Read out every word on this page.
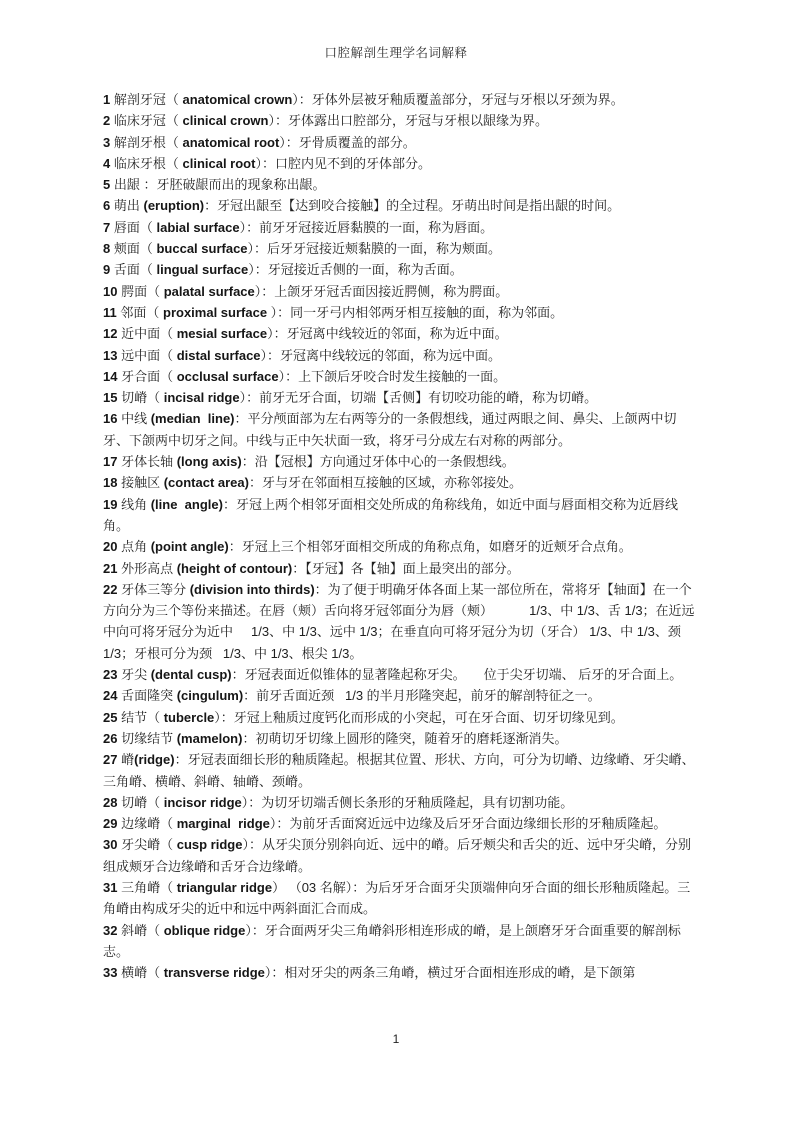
口腔解剖生理学名词解释

1 解剖牙冠（ anatomical crown）：牙体外层被牙釉质覆盖部分，牙冠与牙根以牙颈为界。

2 临床牙冠（ clinical crown）：牙体露出口腔部分，牙冠与牙根以龈缘为界。

3 解剖牙根（ anatomical root）：牙骨质覆盖的部分。

4 临床牙根（ clinical root）：口腔内见不到的牙体部分。

5 出龈 ：牙胚破龈而出的现象称出龈。

6 萌出 (eruption)：牙冠出龈至【达到咬合接触】的全过程。牙萌出时间是指出龈的时间。

7 唇面（ labial surface）：前牙牙冠接近唇黏膜的一面，称为唇面。

8 颊面（ buccal surface）：后牙牙冠接近颊黏膜的一面，称为颊面。

9 舌面（ lingual surface）：牙冠接近舌侧的一面，称为舌面。

10 腭面（ palatal surface）：上颌牙牙冠舌面因接近腭侧，称为腭面。

11 邻面（ proximal surface ）：同一牙弓内相邻两牙相互接触的面，称为邻面。

12 近中面（ mesial surface）：牙冠离中线较近的邻面，称为近中面。

13 远中面（ distal surface）：牙冠离中线较远的邻面，称为远中面。

14 牙合面（ occlusal surface）：上下颌后牙咬合时发生接触的一面。

15 切嵴（ incisal ridge）：前牙无牙合面，切端【舌侧】有切咬功能的嵴，称为切嵴。

16 中线 (median  line)：平分颅面部为左右两等分的一条假想线，通过两眼之间、鼻尖、上颌两中切牙、下颌两中切牙之间。中线与正中矢状面一致，将牙弓分成左右对称的两部分。

17 牙体长轴 (long axis)：沿【冠根】方向通过牙体中心的一条假想线。

18 接触区 (contact area)：牙与牙在邻面相互接触的区域，亦称邻接处。

19 线角 (line  angle)：牙冠上两个相邻牙面相交处所成的角称线角，如近中面与唇面相交称为近唇线角。

20 点角 (point angle)：牙冠上三个相邻牙面相交所成的角称点角，如磨牙的近颊牙合点角。

21 外形高点 (height of contour)：【牙冠】各【轴】面上最突出的部分。

22 牙体三等分 (division into thirds)：为了便于明确牙体各面上某一部位所在，常将牙【轴面】在一个方向分为三个等份来描述。在唇（颊）舌向将牙冠邻面分为唇（颊）          1/3、中 1/3、舌 1/3；在近远中向可将牙冠分为近中     1/3、中 1/3、远中 1/3；在垂直向可将牙冠分为切（牙合） 1/3、中 1/3、颈 1/3；牙根可分为颈   1/3、中 1/3、根尖 1/3。

23 牙尖 (dental cusp)：牙冠表面近似锥体的显著隆起称牙尖。     位于尖牙切端、 后牙的牙合面上。

24 舌面隆突 (cingulum)：前牙舌面近颈   1/3 的半月形隆突起，前牙的解剖特征之一。

25 结节（ tubercle）：牙冠上釉质过度钙化而形成的小突起，可在牙合面、切牙切缘见到。

26 切缘结节 (mamelon)：初萌切牙切缘上圆形的隆突，随着牙的磨耗逐渐消失。

27 嵴(ridge)：牙冠表面细长形的釉质隆起。根据其位置、形状、方向，可分为切嵴、边缘嵴、牙尖嵴、三角嵴、横嵴、斜嵴、轴嵴、颈嵴。

28 切嵴（ incisor ridge）：为切牙切端舌侧长条形的牙釉质隆起，具有切割功能。

29 边缘嵴（ marginal  ridge）：为前牙舌面窝近远中边缘及后牙牙合面边缘细长形的牙釉质隆起。

30 牙尖嵴（ cusp ridge）：从牙尖顶分别斜向近、远中的嵴。后牙颊尖和舌尖的近、远中牙尖嵴，分别组成颊牙合边缘嵴和舌牙合边缘嵴。

31 三角嵴（ triangular ridge） （03 名解）：为后牙牙合面牙尖顶端伸向牙合面的细长形釉质隆起。三角嵴由构成牙尖的近中和远中两斜面汇合而成。

32 斜嵴（ oblique ridge）：牙合面两牙尖三角嵴斜形相连形成的嵴，是上颌磨牙牙合面重要的解剖标志。

33 横嵴（ transverse ridge）：相对牙尖的两条三角嵴，横过牙合面相连形成的嵴，是下颌第

1
